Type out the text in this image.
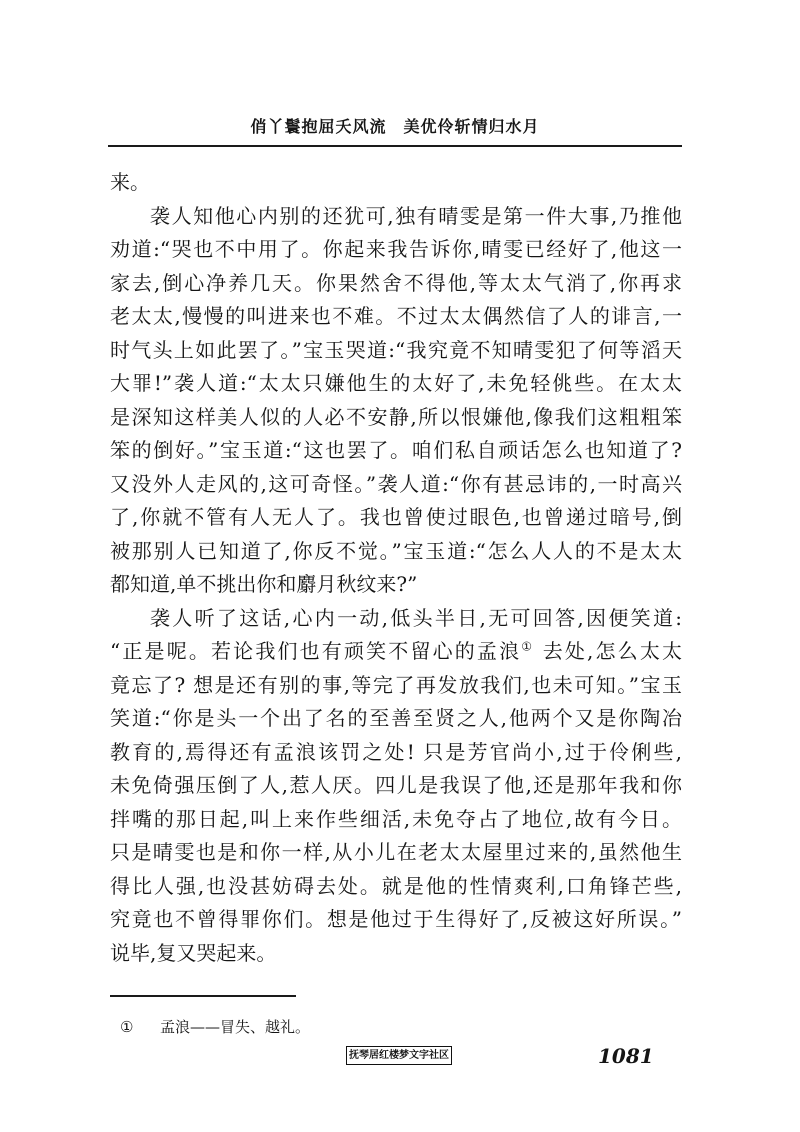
俏丫鬟抱屈夭风流　美优伶斩情归水月
来。
袭人知他心内别的还犹可,独有晴雯是第一件大事,乃推他
劝道:“哭也不中用了。你起来我告诉你,晴雯已经好了,他这一
家去,倒心净养几天。你果然舍不得他,等太太气消了,你再求
老太太,慢慢的叫进来也不难。不过太太偶然信了人的诽言,一
时气头上如此罢了。”宝玉哭道:“我究竟不知晴雯犯了何等滔天
大罪!”袭人道:“太太只嫌他生的太好了,未免轻佻些。在太太
是深知这样美人似的人必不安静,所以恨嫌他,像我们这粗粗笨
笨的倒好。”宝玉道:“这也罢了。咱们私自顽话怎么也知道了?
又没外人走风的,这可奇怪。”袭人道:“你有甚忌讳的,一时高兴
了,你就不管有人无人了。我也曾使过眼色,也曾递过暗号,倒
被那别人已知道了,你反不觉。”宝玉道:“怎么人人的不是太太
都知道,单不挑出你和麝月秋纹来?”
袭人听了这话,心内一动,低头半日,无可回答,因便笑道:
“正是呢。若论我们也有顽笑不留心的孟浪① 去处,怎么太太
竟忘了? 想是还有别的事,等完了再发放我们,也未可知。”宝玉
笑道:“你是头一个出了名的至善至贤之人,他两个又是你陶冶
教育的,焉得还有孟浪该罚之处! 只是芳官尚小,过于伶俐些,
未免倚强压倒了人,惹人厌。四儿是我误了他,还是那年我和你
拌嘴的那日起,叫上来作些细活,未免夺占了地位,故有今日。
只是晴雯也是和你一样,从小儿在老太太屋里过来的,虽然他生
得比人强,也没甚妨碍去处。就是他的性情爽利,口角锋芒些,
究竟也不曾得罪你们。想是他过于生得好了,反被这好所误。”
说毕,复又哭起来。
① 孟浪——冒失、越礼。
抚琴居红楼梦文字社区	1081
